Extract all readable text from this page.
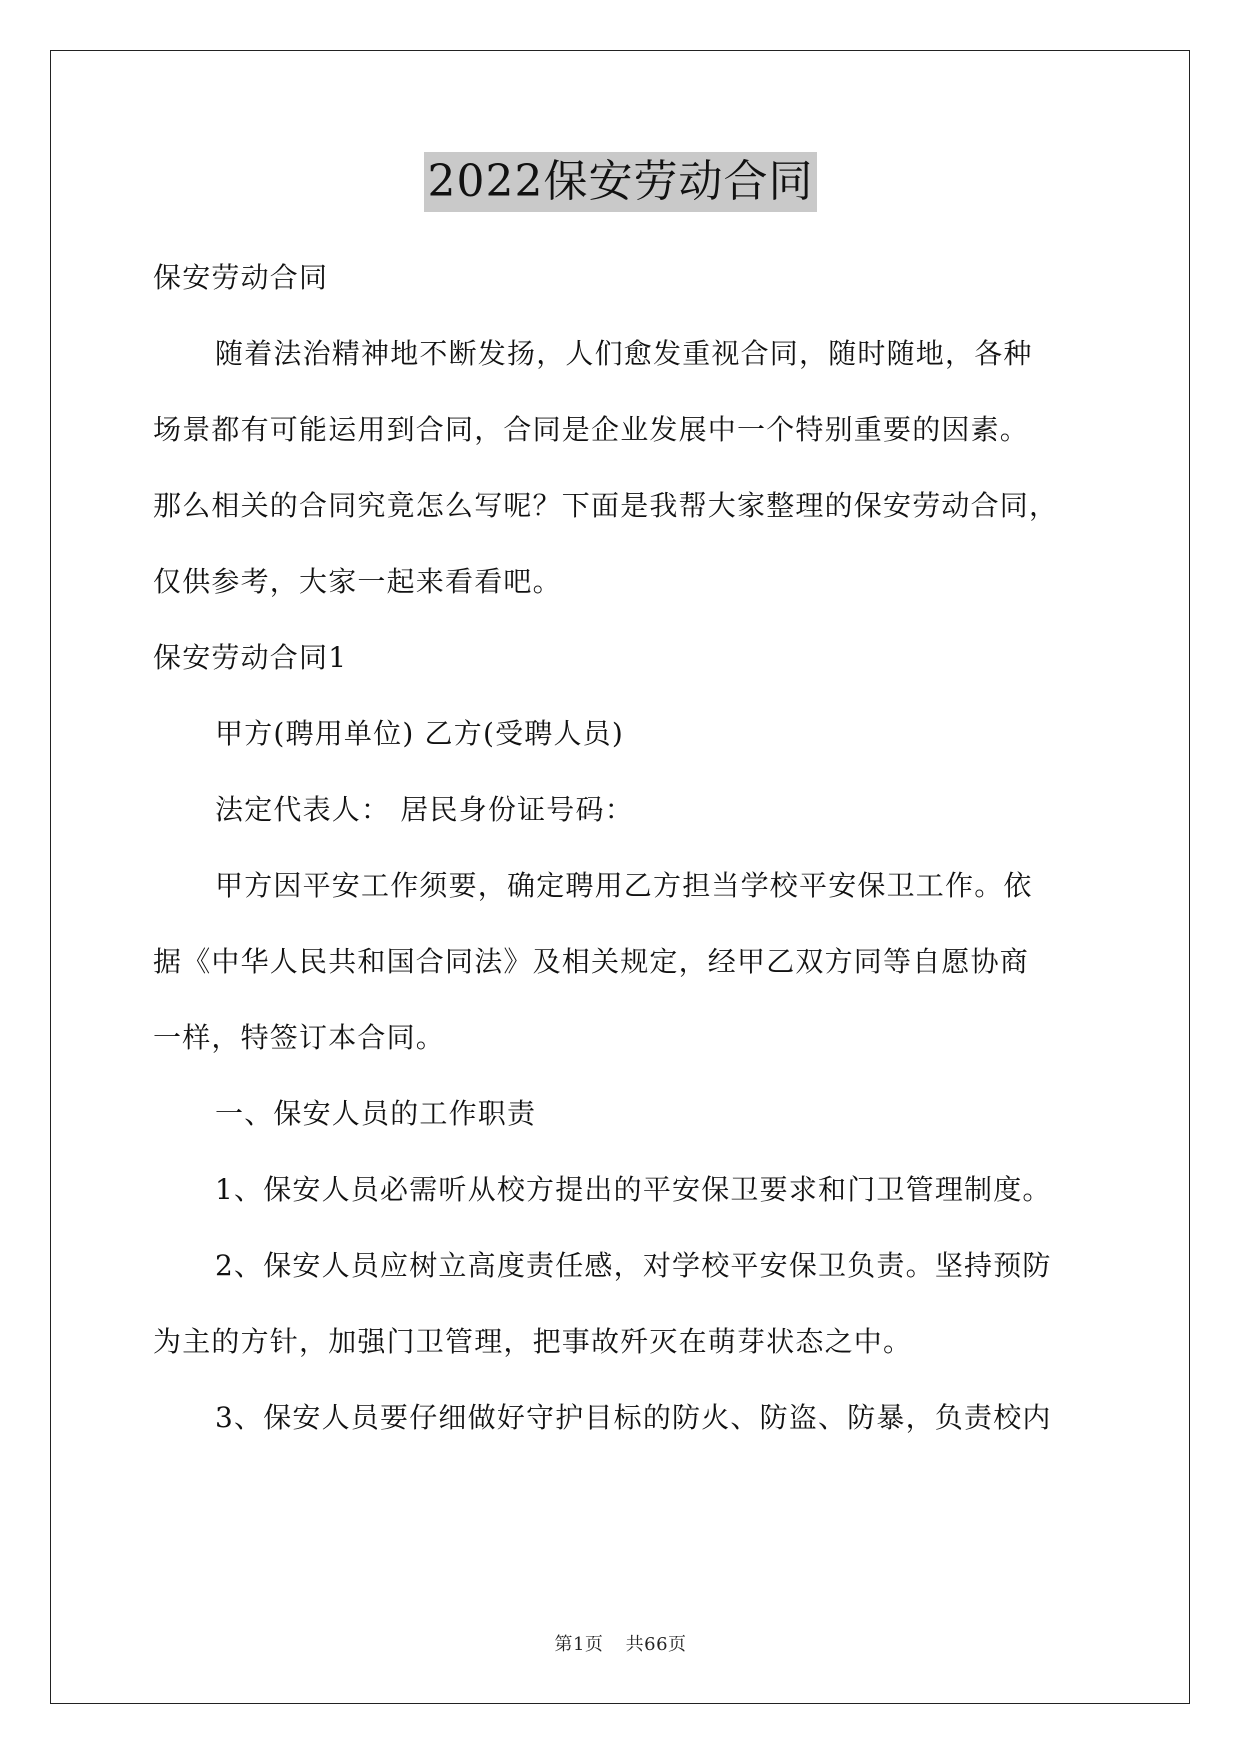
2022保安劳动合同

保安劳动合同

随着法治精神地不断发扬，人们愈发重视合同，随时随地，各种

场景都有可能运用到合同，合同是企业发展中一个特别重要的因素。

那么相关的合同究竟怎么写呢？下面是我帮大家整理的保安劳动合同，

仅供参考，大家一起来看看吧。

保安劳动合同1

甲方(聘用单位) 乙方(受聘人员)

法定代表人： 居民身份证号码：

甲方因平安工作须要，确定聘用乙方担当学校平安保卫工作。依

据《中华人民共和国合同法》及相关规定，经甲乙双方同等自愿协商

一样，特签订本合同。

一、保安人员的工作职责

1、保安人员必需听从校方提出的平安保卫要求和门卫管理制度。

2、保安人员应树立高度责任感，对学校平安保卫负责。坚持预防

为主的方针，加强门卫管理，把事故歼灭在萌芽状态之中。

3、保安人员要仔细做好守护目标的防火、防盗、防暴，负责校内

第1页 共66页
